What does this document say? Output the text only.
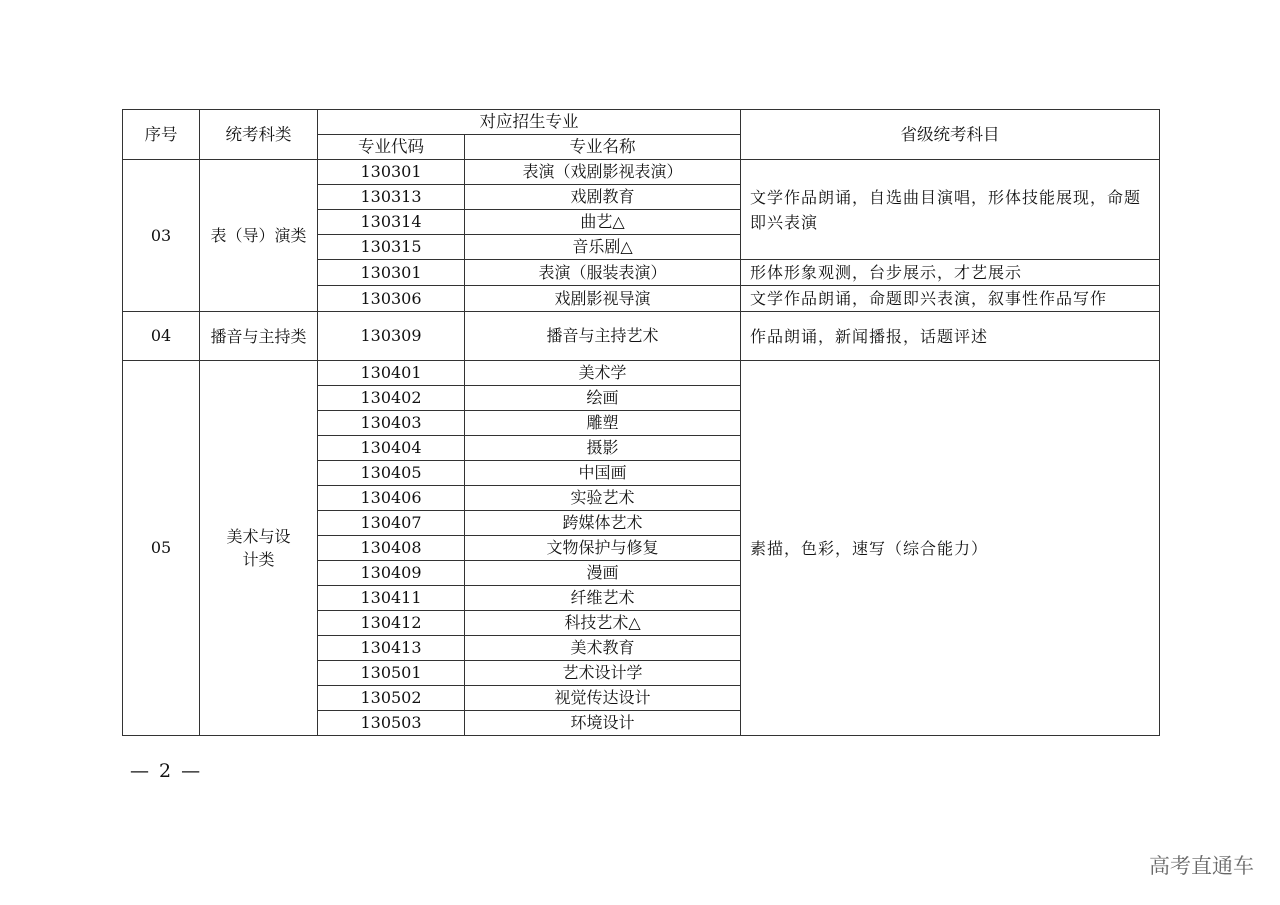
序号	统考科类	对应招生专业		省级统考科目
		专业代码	专业名称	
03	表（导）演类	130301	表演（戏剧影视表演）	文学作品朗诵，自选曲目演唱，形体技能展现，命题即兴表演
		130313	戏剧教育	
		130314	曲艺△	
		130315	音乐剧△	
		130301	表演（服装表演）	形体形象观测，台步展示，才艺展示
		130306	戏剧影视导演	文学作品朗诵，命题即兴表演，叙事性作品写作
04	播音与主持类	130309	播音与主持艺术	作品朗诵，新闻播报，话题评述
05	美术与设计类	130401	美术学	素描，色彩，速写（综合能力）
		130402	绘画	
		130403	雕塑	
		130404	摄影	
		130405	中国画	
		130406	实验艺术	
		130407	跨媒体艺术	
		130408	文物保护与修复	
		130409	漫画	
		130411	纤维艺术	
		130412	科技艺术△	
		130413	美术教育	
		130501	艺术设计学	
		130502	视觉传达设计	
		130503	环境设计	
— 2 —
高考直通车
